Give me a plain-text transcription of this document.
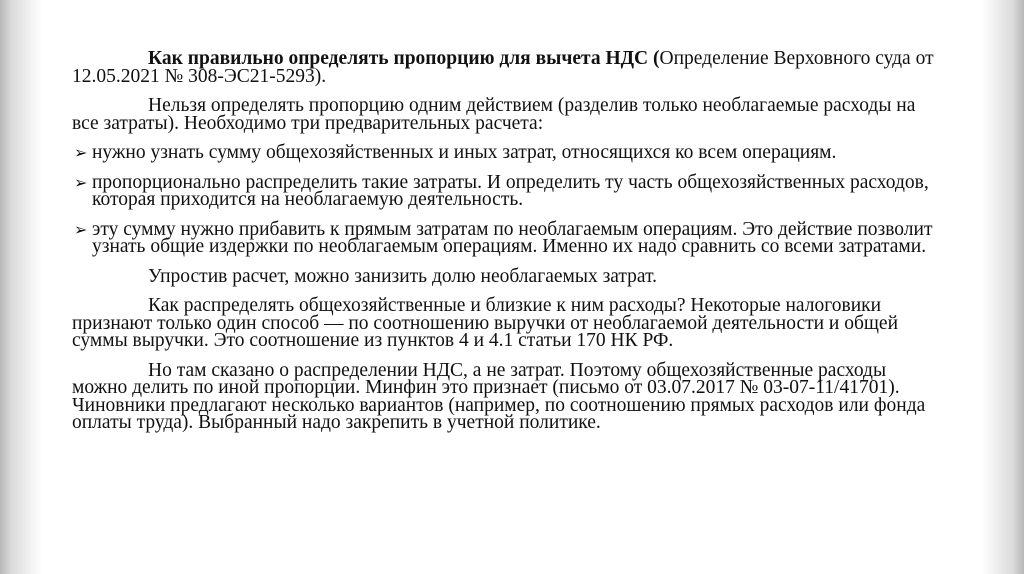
Как правильно определять пропорцию для вычета НДС (Определение Верховного суда от 12.05.2021 № 308-ЭС21-5293).

Нельзя определять пропорцию одним действием (разделив только необлагаемые расходы на все затраты). Необходимо три предварительных расчета:

➢ нужно узнать сумму общехозяйственных и иных затрат, относящихся ко всем операциям.
➢ пропорционально распределить такие затраты. И определить ту часть общехозяйственных расходов, которая приходится на необлагаемую деятельность.
➢ эту сумму нужно прибавить к прямым затратам по необлагаемым операциям. Это действие позволит узнать общие издержки по необлагаемым операциям. Именно их надо сравнить со всеми затратами.

Упростив расчет, можно занизить долю необлагаемых затрат.

Как распределять общехозяйственные и близкие к ним расходы? Некоторые налоговики признают только один способ — по соотношению выручки от необлагаемой деятельности и общей суммы выручки. Это соотношение из пунктов 4 и 4.1 статьи 170 НК РФ.

Но там сказано о распределении НДС, а не затрат. Поэтому общехозяйственные расходы можно делить по иной пропорции. Минфин это признает (письмо от 03.07.2017 № 03-07-11/41701). Чиновники предлагают несколько вариантов (например, по соотношению прямых расходов или фонда оплаты труда). Выбранный надо закрепить в учетной политике.
